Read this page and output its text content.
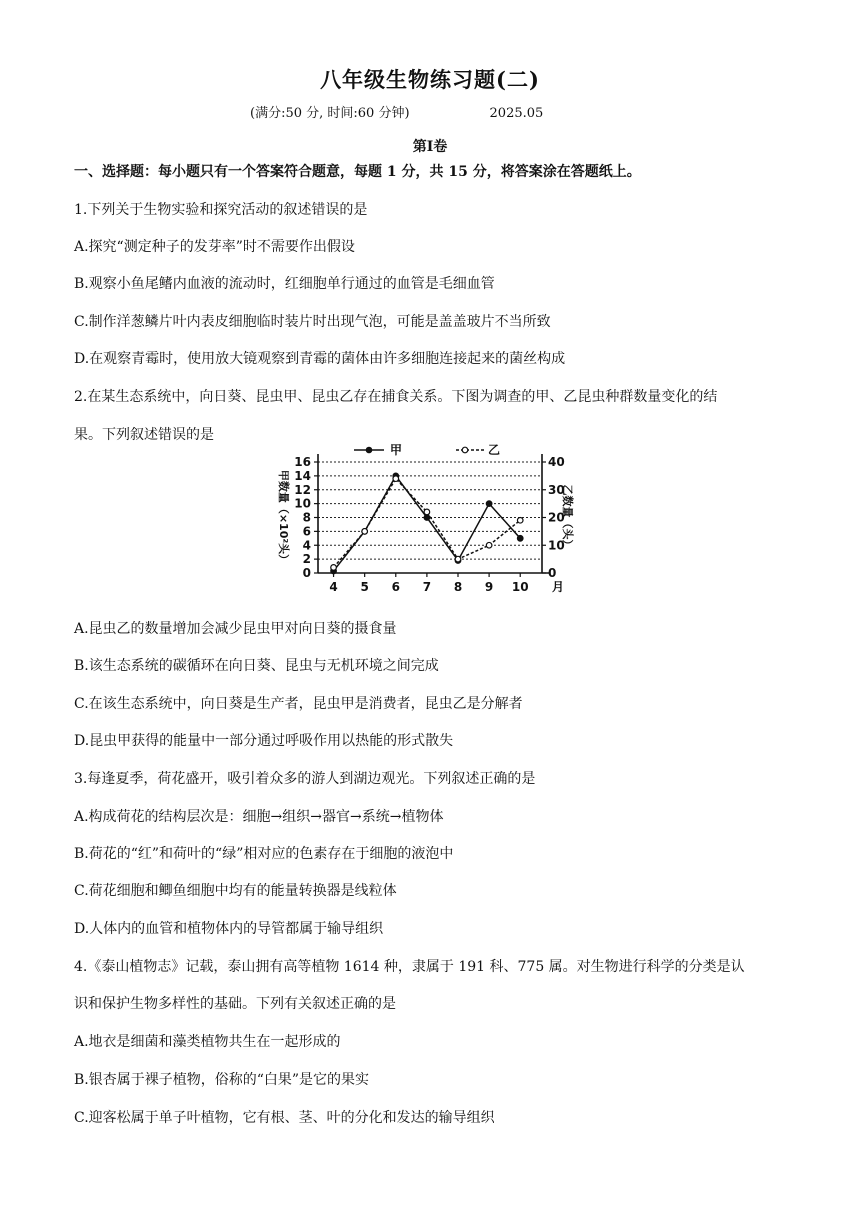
八年级生物练习题(二)
(满分:50 分, 时间:60 分钟)	2025.05
第Ⅰ卷
一、选择题：每小题只有一个答案符合题意，每题 1 分，共 15 分，将答案涂在答题纸上。
1.下列关于生物实验和探究活动的叙述错误的是
A.探究“测定种子的发芽率”时不需要作出假设
B.观察小鱼尾鳍内血液的流动时，红细胞单行通过的血管是毛细血管
C.制作洋葱鳞片叶内表皮细胞临时装片时出现气泡，可能是盖盖玻片不当所致
D.在观察青霉时，使用放大镜观察到青霉的菌体由许多细胞连接起来的菌丝构成
2.在某生态系统中，向日葵、昆虫甲、昆虫乙存在捕食关系。下图为调查的甲、乙昆虫种群数量变化的结
果。下列叙述错误的是
0
2
4
6
8
10
12
14
16
0
10
20
30
40
4 5 6 7 8 9 10 月
甲数量（×10²头）	乙数量（头）
甲	乙
A.昆虫乙的数量增加会减少昆虫甲对向日葵的摄食量
B.该生态系统的碳循环在向日葵、昆虫与无机环境之间完成
C.在该生态系统中，向日葵是生产者，昆虫甲是消费者，昆虫乙是分解者
D.昆虫甲获得的能量中一部分通过呼吸作用以热能的形式散失
3.每逢夏季，荷花盛开，吸引着众多的游人到湖边观光。下列叙述正确的是
A.构成荷花的结构层次是：细胞→组织→器官→系统→植物体
B.荷花的“红”和荷叶的“绿”相对应的色素存在于细胞的液泡中
C.荷花细胞和鲫鱼细胞中均有的能量转换器是线粒体
D.人体内的血管和植物体内的导管都属于输导组织
4.《泰山植物志》记载，泰山拥有高等植物 1614 种，隶属于 191 科、775 属。对生物进行科学的分类是认
识和保护生物多样性的基础。下列有关叙述正确的是
A.地衣是细菌和藻类植物共生在一起形成的
B.银杏属于裸子植物，俗称的“白果”是它的果实
C.迎客松属于单子叶植物，它有根、茎、叶的分化和发达的输导组织
